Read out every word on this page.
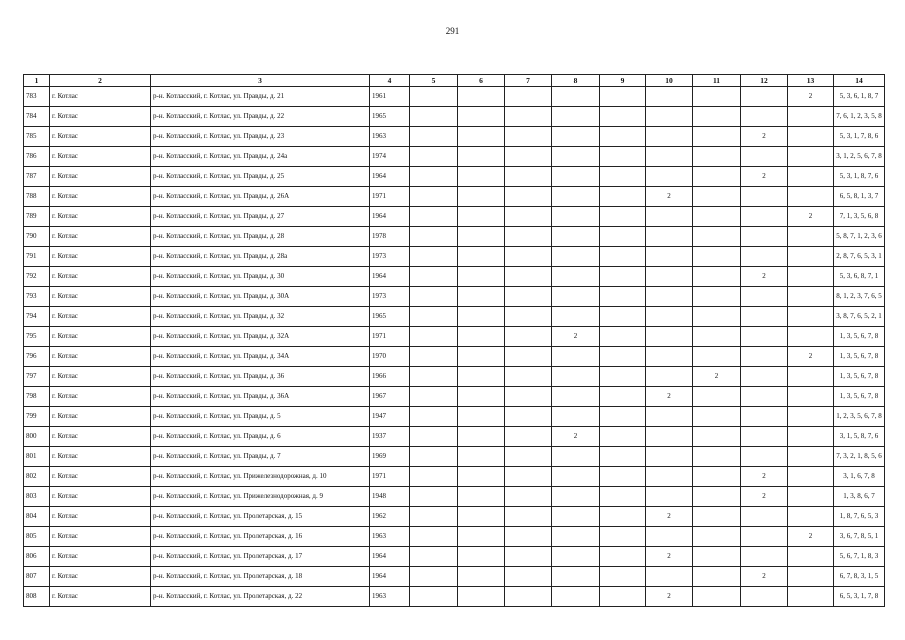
291
1	2	3	4	5	6	7	8	9	10	11	12	13	14
783	г. Котлас	р-н. Котласский, г. Котлас, ул. Правды, д. 21	1961									2	5, 3, 6, 1, 8, 7
784	г. Котлас	р-н. Котласский, г. Котлас, ул. Правды, д. 22	1965										7, 6, 1, 2, 3, 5, 8
785	г. Котлас	р-н. Котласский, г. Котлас, ул. Правды, д. 23	1963								2		5, 3, 1, 7, 8, 6
786	г. Котлас	р-н. Котласский, г. Котлас, ул. Правды, д. 24а	1974										3, 1, 2, 5, 6, 7, 8
787	г. Котлас	р-н. Котласский, г. Котлас, ул. Правды, д. 25	1964								2		5, 3, 1, 8, 7, 6
788	г. Котлас	р-н. Котласский, г. Котлас, ул. Правды, д. 26А	1971						2				6, 5, 8, 1, 3, 7
789	г. Котлас	р-н. Котласский, г. Котлас, ул. Правды, д. 27	1964									2	7, 1, 3, 5, 6, 8
790	г. Котлас	р-н. Котласский, г. Котлас, ул. Правды, д. 28	1978										5, 8, 7, 1, 2, 3, 6
791	г. Котлас	р-н. Котласский, г. Котлас, ул. Правды, д. 28а	1973										2, 8, 7, 6, 5, 3, 1
792	г. Котлас	р-н. Котласский, г. Котлас, ул. Правды, д. 30	1964								2		5, 3, 6, 8, 7, 1
793	г. Котлас	р-н. Котласский, г. Котлас, ул. Правды, д. 30А	1973										8, 1, 2, 3, 7, 6, 5
794	г. Котлас	р-н. Котласский, г. Котлас, ул. Правды, д. 32	1965										3, 8, 7, 6, 5, 2, 1
795	г. Котлас	р-н. Котласский, г. Котлас, ул. Правды, д. 32А	1971				2						1, 3, 5, 6, 7, 8
796	г. Котлас	р-н. Котласский, г. Котлас, ул. Правды, д. 34А	1970									2	1, 3, 5, 6, 7, 8
797	г. Котлас	р-н. Котласский, г. Котлас, ул. Правды, д. 36	1966							2			1, 3, 5, 6, 7, 8
798	г. Котлас	р-н. Котласский, г. Котлас, ул. Правды, д. 36А	1967						2				1, 3, 5, 6, 7, 8
799	г. Котлас	р-н. Котласский, г. Котлас, ул. Правды, д. 5	1947										1, 2, 3, 5, 6, 7, 8
800	г. Котлас	р-н. Котласский, г. Котлас, ул. Правды, д. 6	1937				2						3, 1, 5, 8, 7, 6
801	г. Котлас	р-н. Котласский, г. Котлас, ул. Правды, д. 7	1969										7, 3, 2, 1, 8, 5, 6
802	г. Котлас	р-н. Котласский, г. Котлас, ул. Прижелезнодорожная, д. 10	1971								2		3, 1, 6, 7, 8
803	г. Котлас	р-н. Котласский, г. Котлас, ул. Прижелезнодорожная, д. 9	1948								2		1, 3, 8, 6, 7
804	г. Котлас	р-н. Котласский, г. Котлас, ул. Пролетарская, д. 15	1962						2				1, 8, 7, 6, 5, 3
805	г. Котлас	р-н. Котласский, г. Котлас, ул. Пролетарская, д. 16	1963									2	3, 6, 7, 8, 5, 1
806	г. Котлас	р-н. Котласский, г. Котлас, ул. Пролетарская, д. 17	1964						2				5, 6, 7, 1, 8, 3
807	г. Котлас	р-н. Котласский, г. Котлас, ул. Пролетарская, д. 18	1964								2		6, 7, 8, 3, 1, 5
808	г. Котлас	р-н. Котласский, г. Котлас, ул. Пролетарская, д. 22	1963						2				6, 5, 3, 1, 7, 8
